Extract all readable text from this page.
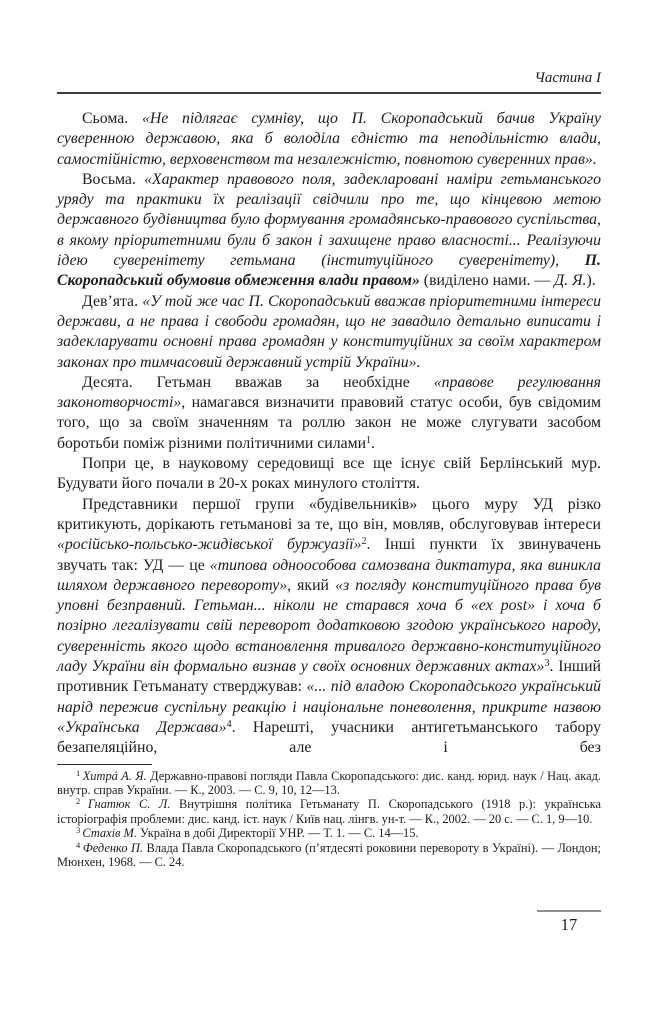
Частина I

Сьома. «Не підлягає сумніву, що П. Скоропадський бачив Україну суверенною державою, яка б володіла єдністю та неподільністю влади, самостійністю, верховенством та незалежністю, повнотою суверенних прав».

Восьма. «Характер правового поля, задекларовані наміри гетьманського уряду та практики їх реалізації свідчили про те, що кінцевою метою державного будівництва було формування громадянсько-правового суспільства, в якому пріоритетними були б закон і захищене право власності... Реалізуючи ідею суверенітету гетьмана (інституційного суверенітету), П. Скоропадський обумовив обмеження влади правом» (виділено нами. — Д. Я.).

Дев’ята. «У той же час П. Скоропадський вважав пріоритетними інтереси держави, а не права і свободи громадян, що не завадило детально виписати і задекларувати основні права громадян у конституційних за своїм характером законах про тимчасовий державний устрій України».

Десята. Гетьман вважав за необхідне «правове регулювання законотворчості», намагався визначити правовий статус особи, був свідомим того, що за своїм значенням та роллю закон не може слугувати засобом боротьби поміж різними політичними силами$^1$.

Попри це, в науковому середовищі все ще існує свій Берлінський мур. Будувати його почали в 20-х роках минулого століття.

Представники першої групи «будівельників» цього муру УД різко критикують, дорікають гетьманові за те, що він, мовляв, обслуговував інтереси «російсько-польсько-жидівської буржуазії»$^2$. Інші пункти їх звинувачень звучать так: УД — це «типова одноособова самозвана диктатура, яка виникла шляхом державного перевороту», який «з погляду конституційного права був уповні безправний. Гетьман... ніколи не старався хоча б «ex post» і хоча б позірно легалізувати свій переворот додатковою згодою українського народу, суверенність якого щодо встановлення тривалого державно-конституційного ладу України він формально визнав у своїх основних державних актах»$^3$. Інший противник Гетьманату стверджував: «... під владою Скоропадського український нарід пережив суспільну реакцію і національне поневолення, прикрите назвою «Українська Держава»$^4$. Нарешті, учасники антигетьманського табору безапеляційно, але і без

$^1$ Хитрá А. Я. Державно-правові погляди Павла Скоропадського: дис. канд. юрид. наук / Нац. акад. внутр. справ України. — К., 2003. — С. 9, 10, 12—13.

$^2$ Гнатюк С. Л. Внутрішня політика Гетьманату П. Скоропадського (1918 р.): українська історіографія проблеми: дис. канд. іст. наук / Київ нац. лінгв. ун-т. — К., 2002. — 20 с. — С. 1, 9—10.

$^3$ Стахів М. Україна в добі Директорії УНР. — Т. 1. — С. 14—15.

$^4$ Феденко П. Влада Павла Скоропадського (п’ятдесяті роковини перевороту в Україні). — Лондон; Мюнхен, 1968. — С. 24.

17
